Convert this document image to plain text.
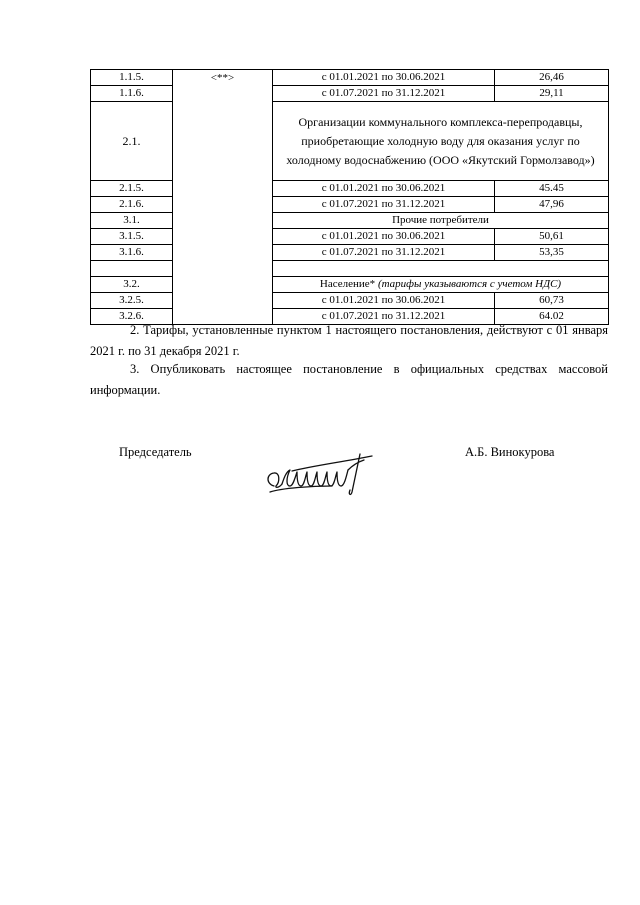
1.1.5.	<**>	с 01.01.2021 по 30.06.2021	26,46
1.1.6.		с 01.07.2021 по 31.12.2021	29,11
2.1.		Организации коммунального комплекса-перепродавцы, приобретающие холодную воду для оказания услуг по холодному водоснабжению (ООО «Якутский Гормолзавод»)	
2.1.5.		с 01.01.2021 по 30.06.2021	45.45
2.1.6.		с 01.07.2021 по 31.12.2021	47,96
3.1.		Прочие потребители	
3.1.5.		с 01.01.2021 по 30.06.2021	50,61
3.1.6.		с 01.07.2021 по 31.12.2021	53,35

3.2.		Население* (тарифы указываются с учетом НДС)	
3.2.5.		с 01.01.2021 по 30.06.2021	60,73
3.2.6.		с 01.07.2021 по 31.12.2021	64.02
2. Тарифы, установленные пунктом 1 настоящего постановления, действуют с 01 января 2021 г. по 31 декабря 2021 г.
3. Опубликовать настоящее постановление в официальных средствах массовой информации.
Председатель	А.Б. Винокурова
